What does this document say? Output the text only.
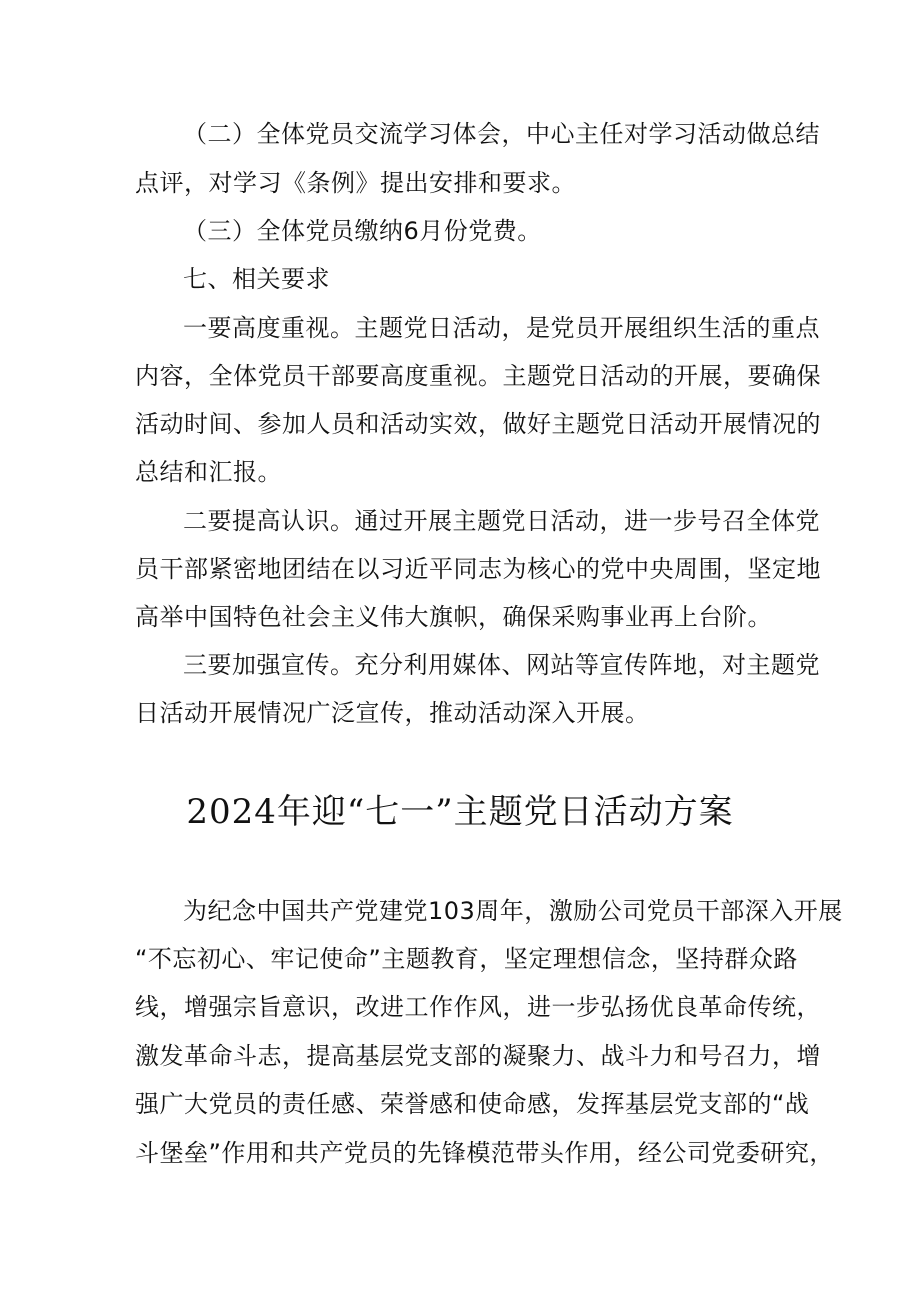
（二）全体党员交流学习体会，中心主任对学习活动做总结
点评，对学习《条例》提出安排和要求。
（三）全体党员缴纳6月份党费。
七、相关要求
一要高度重视。主题党日活动，是党员开展组织生活的重点
内容，全体党员干部要高度重视。主题党日活动的开展，要确保
活动时间、参加人员和活动实效，做好主题党日活动开展情况的
总结和汇报。
二要提高认识。通过开展主题党日活动，进一步号召全体党
员干部紧密地团结在以习近平同志为核心的党中央周围，坚定地
高举中国特色社会主义伟大旗帜，确保采购事业再上台阶。
三要加强宣传。充分利用媒体、网站等宣传阵地，对主题党
日活动开展情况广泛宣传，推动活动深入开展。
2024年迎“七一”主题党日活动方案
为纪念中国共产党建党103周年，激励公司党员干部深入开展
“不忘初心、牢记使命”主题教育，坚定理想信念，坚持群众路
线，增强宗旨意识，改进工作作风，进一步弘扬优良革命传统，
激发革命斗志，提高基层党支部的凝聚力、战斗力和号召力，增
强广大党员的责任感、荣誉感和使命感，发挥基层党支部的“战
斗堡垒”作用和共产党员的先锋模范带头作用，经公司党委研究，
